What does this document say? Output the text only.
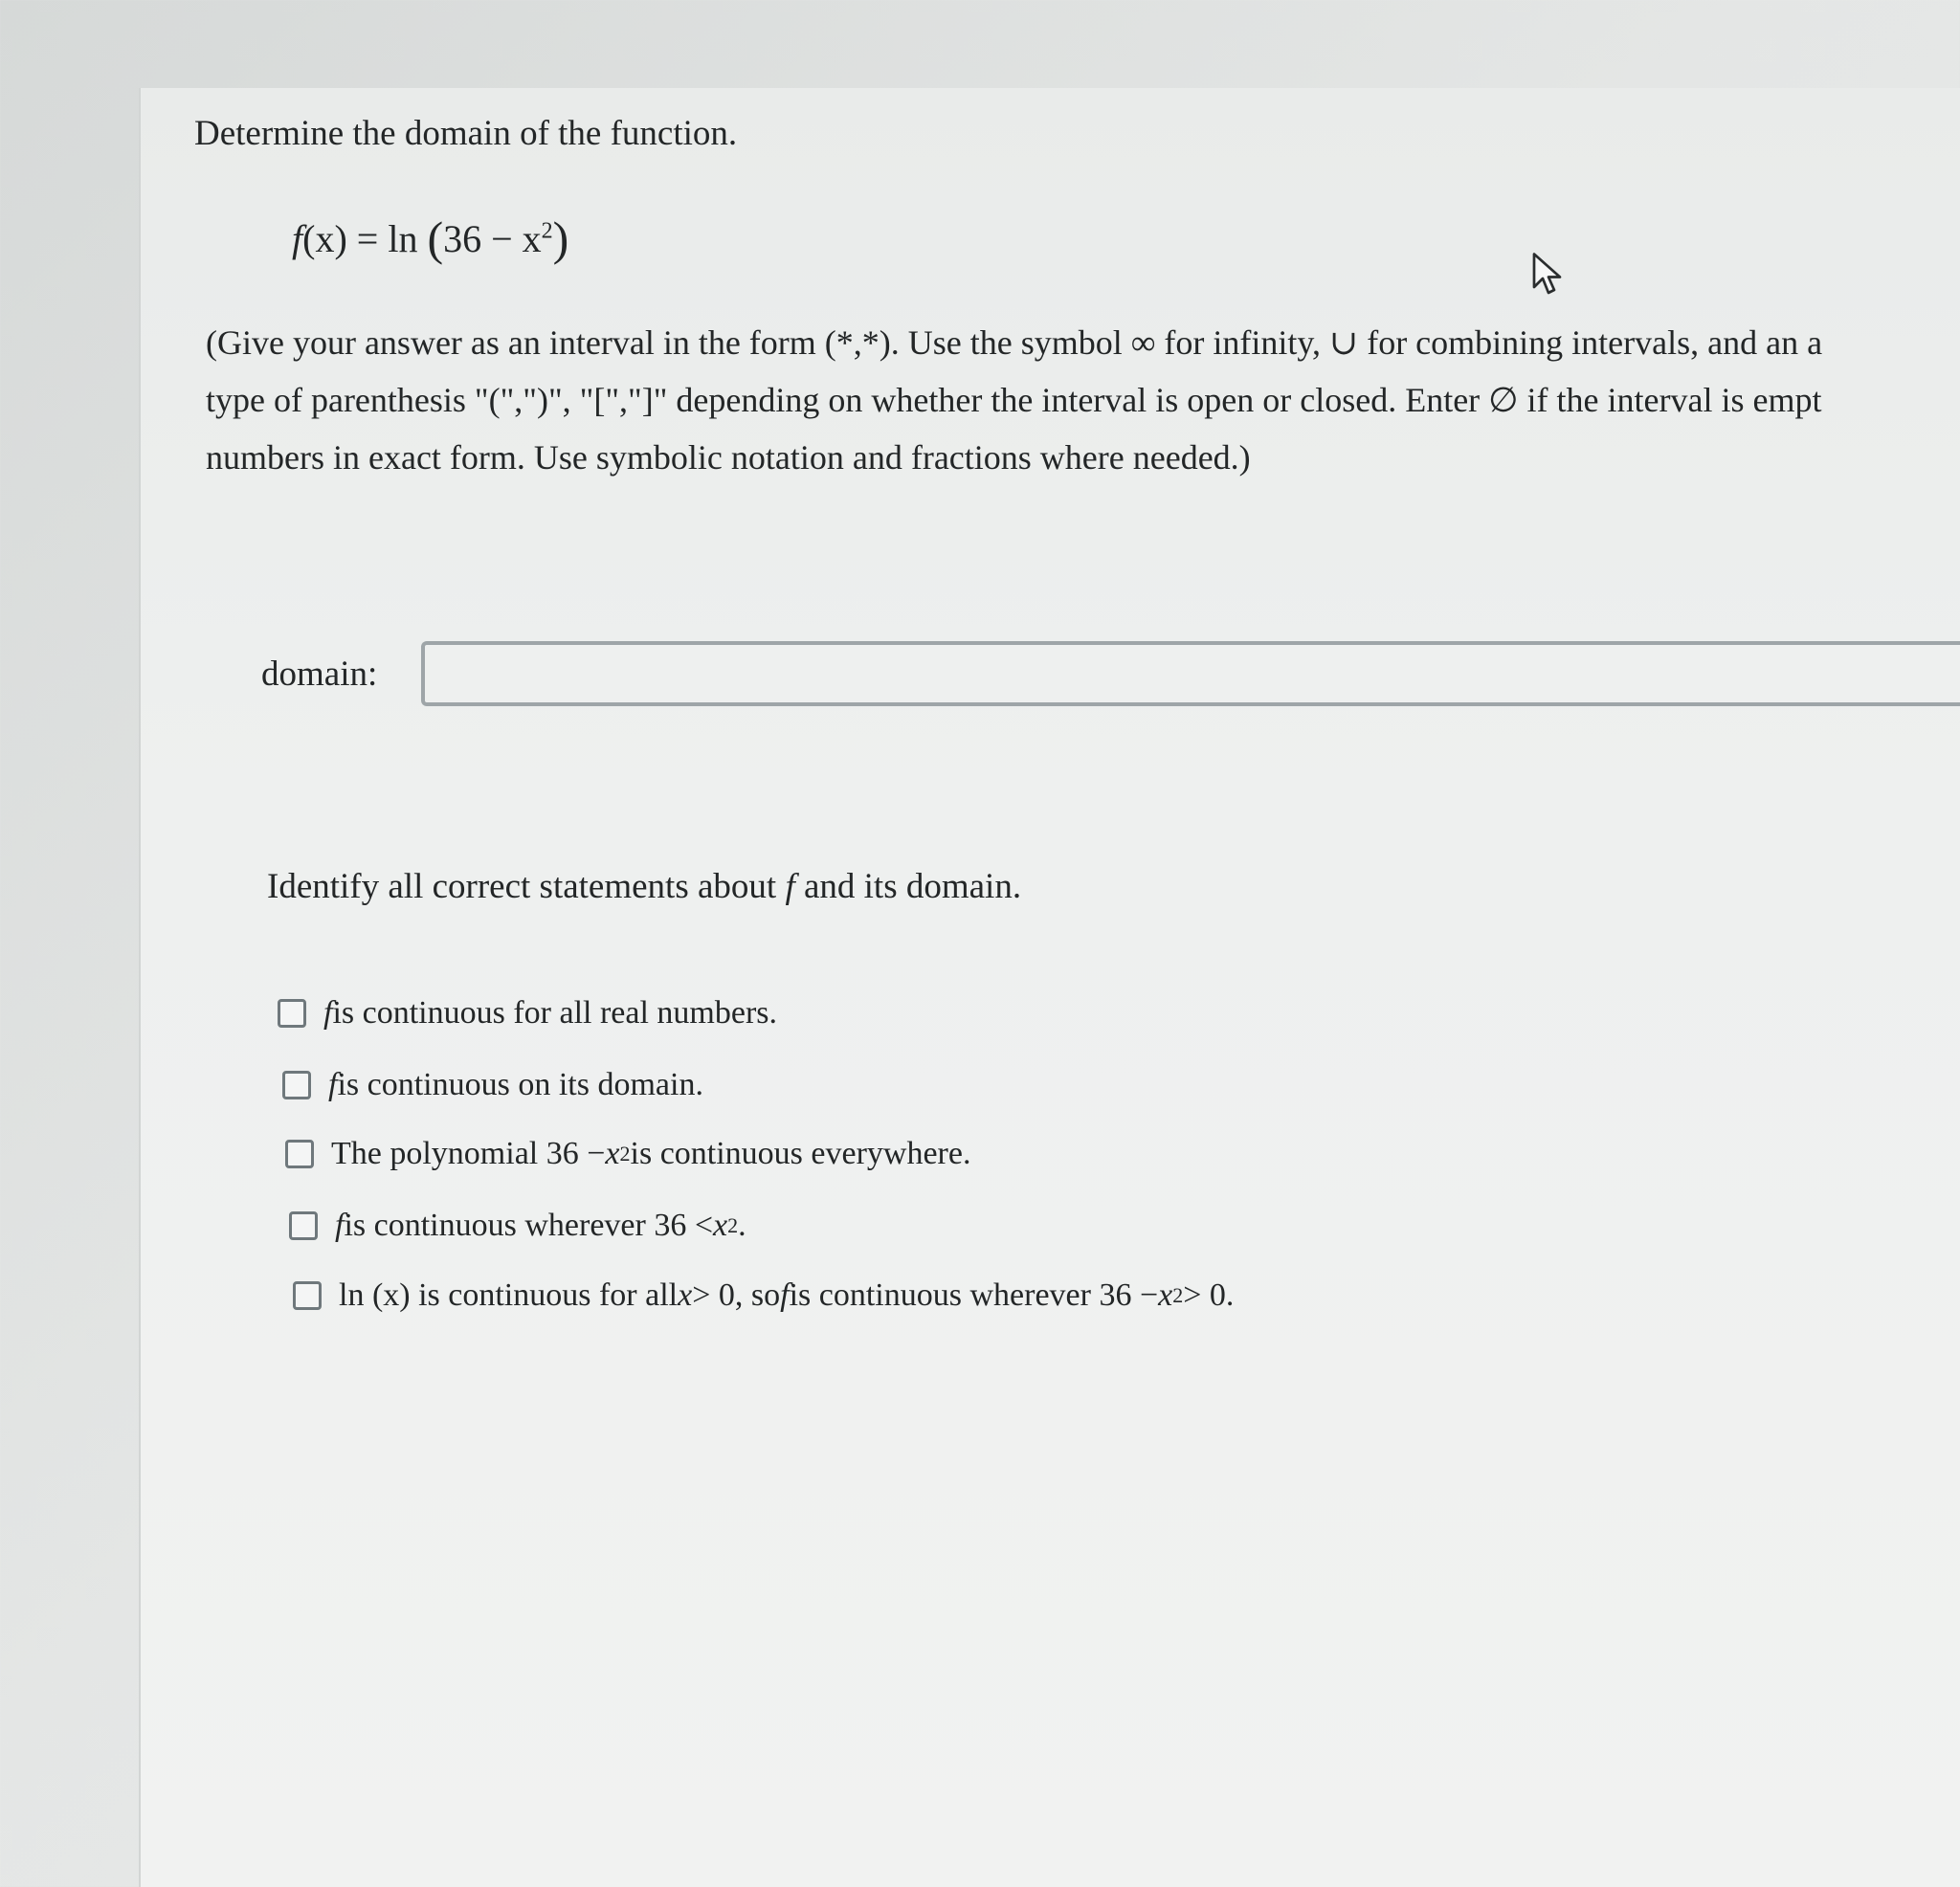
Determine the domain of the function.
$f(x) = \ln (36 - x^2)$
(Give your answer as an interval in the form (*,*). Use the symbol ∞ for infinity, ∪ for combining intervals, and an a
type of parenthesis "(",")", "[","]" depending on whether the interval is open or closed. Enter ∅ if the interval is empt
numbers in exact form. Use symbolic notation and fractions where needed.)
domain:
Identify all correct statements about f and its domain.
f is continuous for all real numbers.
f is continuous on its domain.
The polynomial 36 − x 2 is continuous everywhere.
f is continuous wherever 36 < x 2 .
ln (x) is continuous for all x > 0, so f is continuous wherever 36 − x 2 > 0.
